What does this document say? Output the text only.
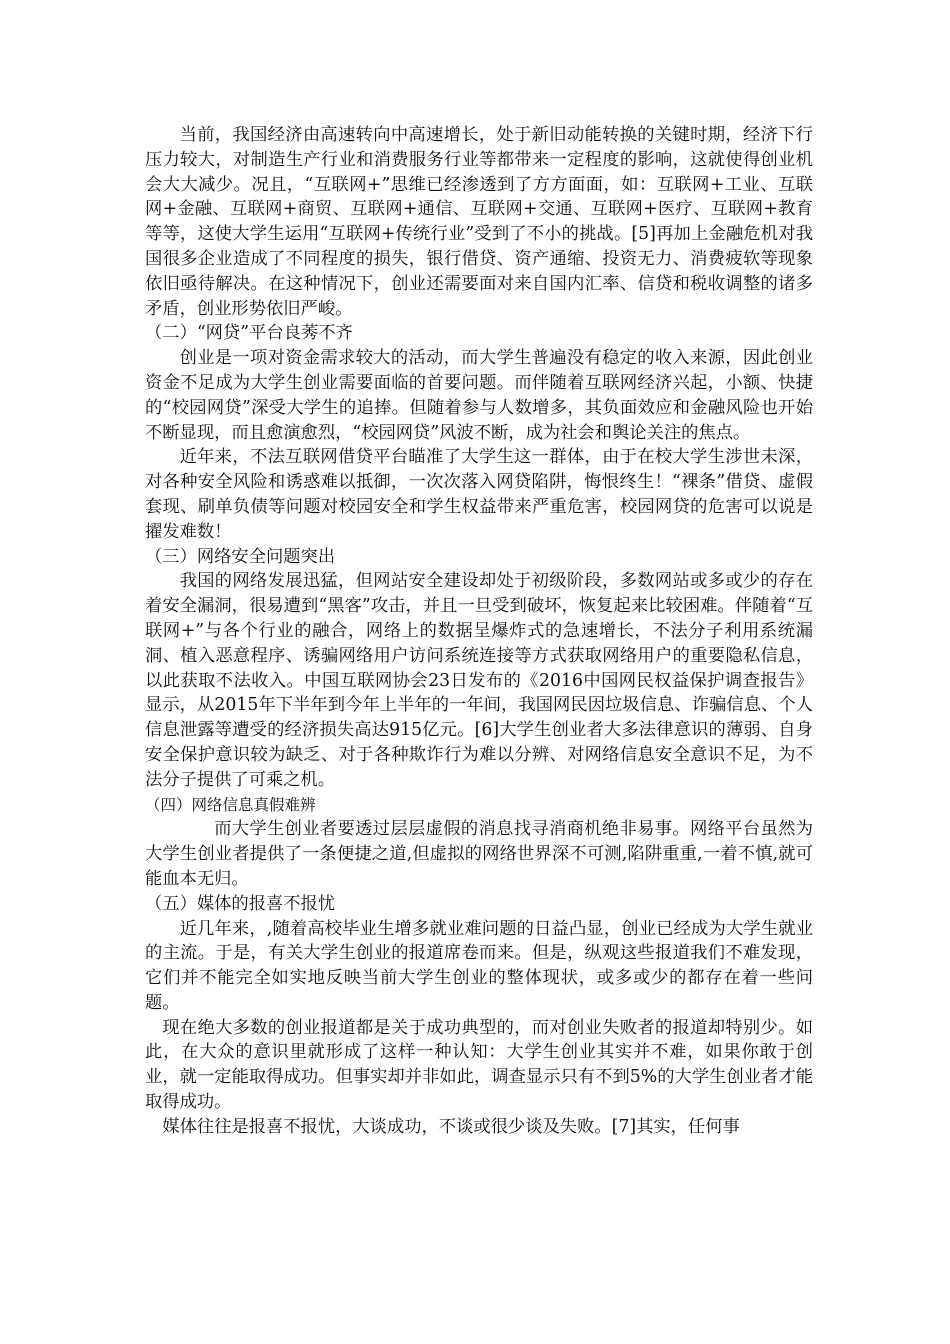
当前，我国经济由高速转向中高速增长，处于新旧动能转换的关键时期，经济下行压力较大，对制造生产行业和消费服务行业等都带来一定程度的影响，这就使得创业机会大大减少。况且，“互联网+”思维已经渗透到了方方面面，如：互联网+工业、互联网+金融、互联网+商贸、互联网+通信、互联网+交通、互联网+医疗、互联网+教育等等，这使大学生运用“互联网+传统行业”受到了不小的挑战。[5]再加上金融危机对我国很多企业造成了不同程度的损失，银行借贷、资产通缩、投资无力、消费疲软等现象依旧亟待解决。在这种情况下，创业还需要面对来自国内汇率、信贷和税收调整的诸多矛盾，创业形势依旧严峻。

（二）“网贷”平台良莠不齐

创业是一项对资金需求较大的活动，而大学生普遍没有稳定的收入来源，因此创业资金不足成为大学生创业需要面临的首要问题。而伴随着互联网经济兴起，小额、快捷的“校园网贷”深受大学生的追捧。但随着参与人数增多，其负面效应和金融风险也开始不断显现，而且愈演愈烈，“校园网贷”风波不断，成为社会和舆论关注的焦点。

近年来，不法互联网借贷平台瞄准了大学生这一群体，由于在校大学生涉世未深，对各种安全风险和诱惑难以抵御，一次次落入网贷陷阱，悔恨终生！“裸条”借贷、虚假套现、刷单负债等问题对校园安全和学生权益带来严重危害，校园网贷的危害可以说是擢发难数！

（三）网络安全问题突出

我国的网络发展迅猛，但网站安全建设却处于初级阶段，多数网站或多或少的存在着安全漏洞，很易遭到“黑客”攻击，并且一旦受到破坏，恢复起来比较困难。伴随着“互联网+”与各个行业的融合，网络上的数据呈爆炸式的急速增长，不法分子利用系统漏洞、植入恶意程序、诱骗网络用户访问系统连接等方式获取网络用户的重要隐私信息，以此获取不法收入。中国互联网协会23日发布的《2016中国网民权益保护调查报告》显示，从2015年下半年到今年上半年的一年间，我国网民因垃圾信息、诈骗信息、个人信息泄露等遭受的经济损失高达915亿元。[6]大学生创业者大多法律意识的薄弱、自身安全保护意识较为缺乏、对于各种欺诈行为难以分辨、对网络信息安全意识不足，为不法分子提供了可乘之机。

（四）网络信息真假难辨

而大学生创业者要透过层层虚假的消息找寻消商机绝非易事。网络平台虽然为大学生创业者提供了一条便捷之道,但虚拟的网络世界深不可测,陷阱重重,一着不慎,就可能血本无归。

（五）媒体的报喜不报忧

近几年来，,随着高校毕业生增多就业难问题的日益凸显，创业已经成为大学生就业的主流。于是，有关大学生创业的报道席卷而来。但是，纵观这些报道我们不难发现，它们并不能完全如实地反映当前大学生创业的整体现状，或多或少的都存在着一些问题。

现在绝大多数的创业报道都是关于成功典型的，而对创业失败者的报道却特别少。如此，在大众的意识里就形成了这样一种认知：大学生创业其实并不难，如果你敢于创业，就一定能取得成功。但事实却并非如此，调查显示只有不到5%的大学生创业者才能取得成功。

媒体往往是报喜不报忧，大谈成功，不谈或很少谈及失败。[7]其实，任何事
